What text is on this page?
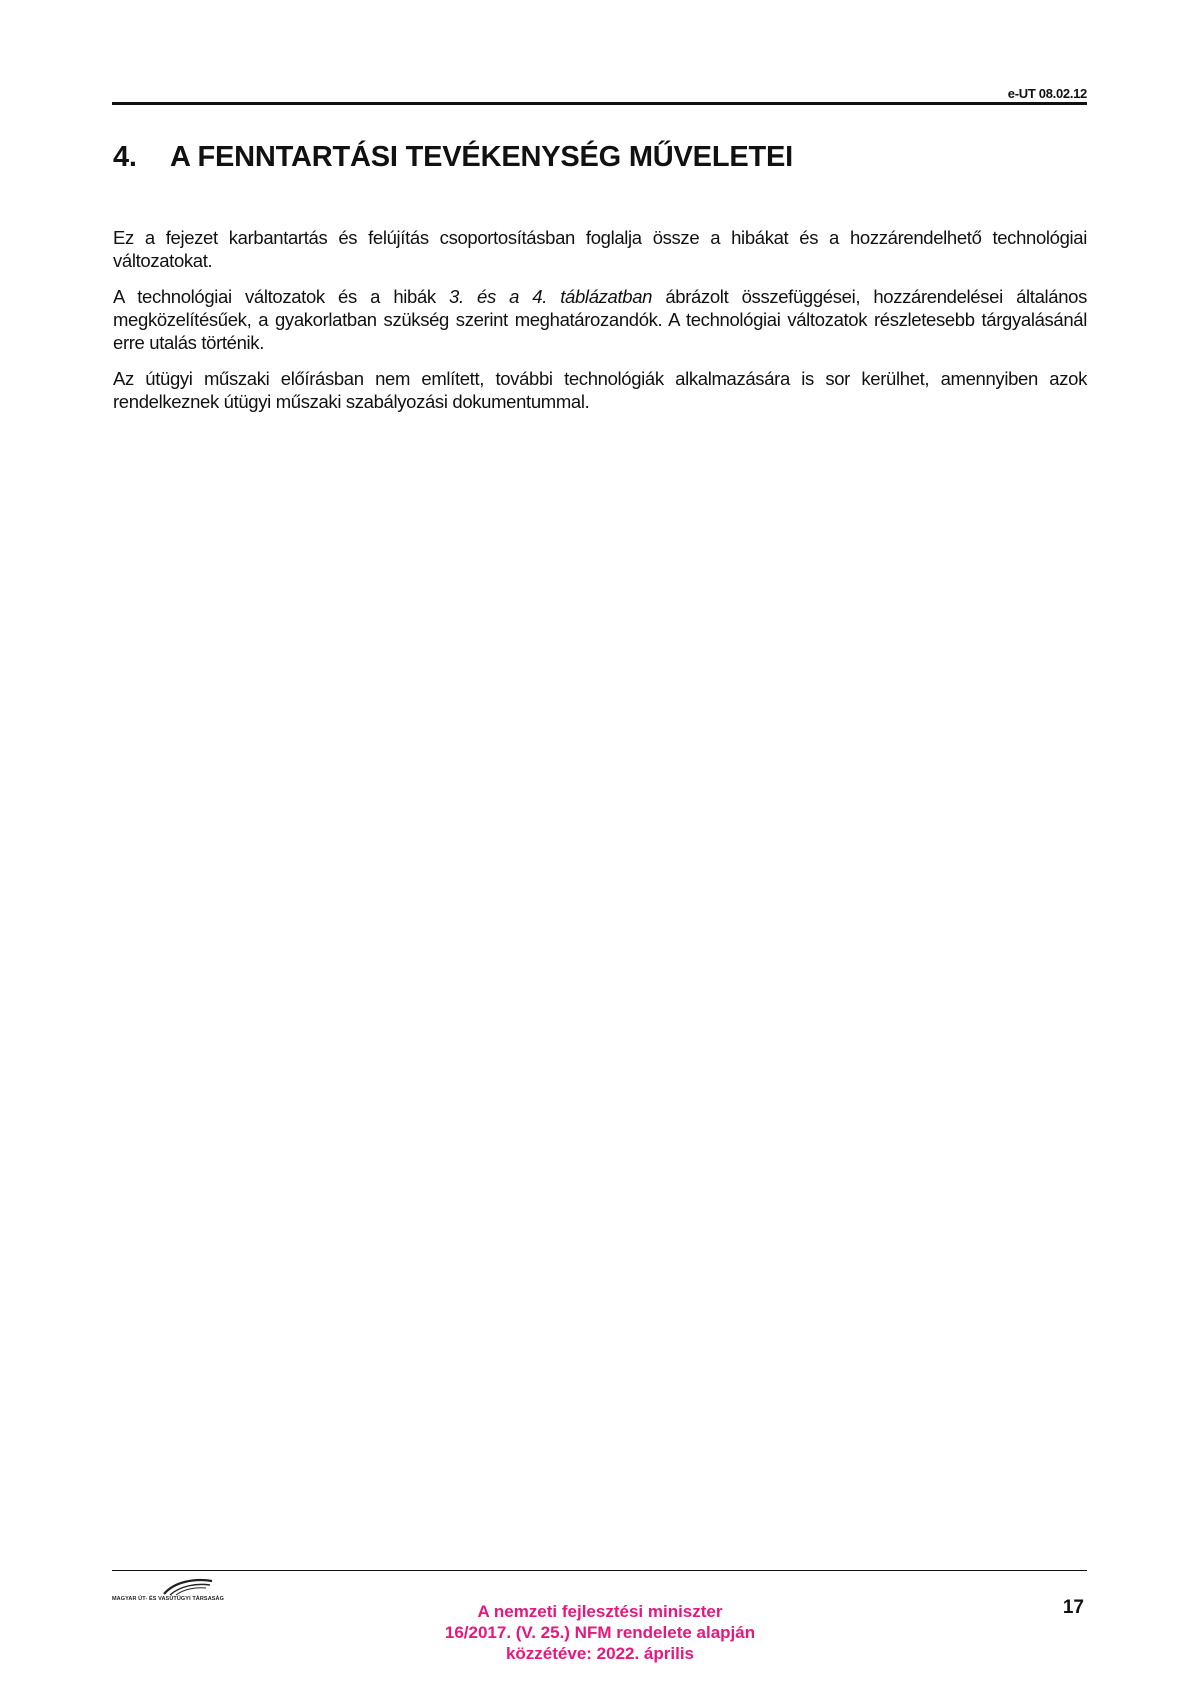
e-UT 08.02.12
4. A FENNTARTÁSI TEVÉKENYSÉG MŰVELETEI

Ez a fejezet karbantartás és felújítás csoportosításban foglalja össze a hibákat és a hozzárendelhető technológiai változatokat.

A technológiai változatok és a hibák 3. és a 4. táblázatban ábrázolt összefüggései, hozzárendelései általános megközelítésűek, a gyakorlatban szükség szerint meghatározandók. A technológiai változatok részletesebb tárgyalásánál erre utalás történik.

Az útügyi műszaki előírásban nem említett, további technológiák alkalmazására is sor kerülhet, amennyiben azok rendelkeznek útügyi műszaki szabályozási dokumentummal.

MAGYAR ÚT- ÉS VASÚTÜGYI TÁRSASÁG
A nemzeti fejlesztési miniszter
16/2017. (V. 25.) NFM rendelete alapján
közzétéve: 2022. április
17
